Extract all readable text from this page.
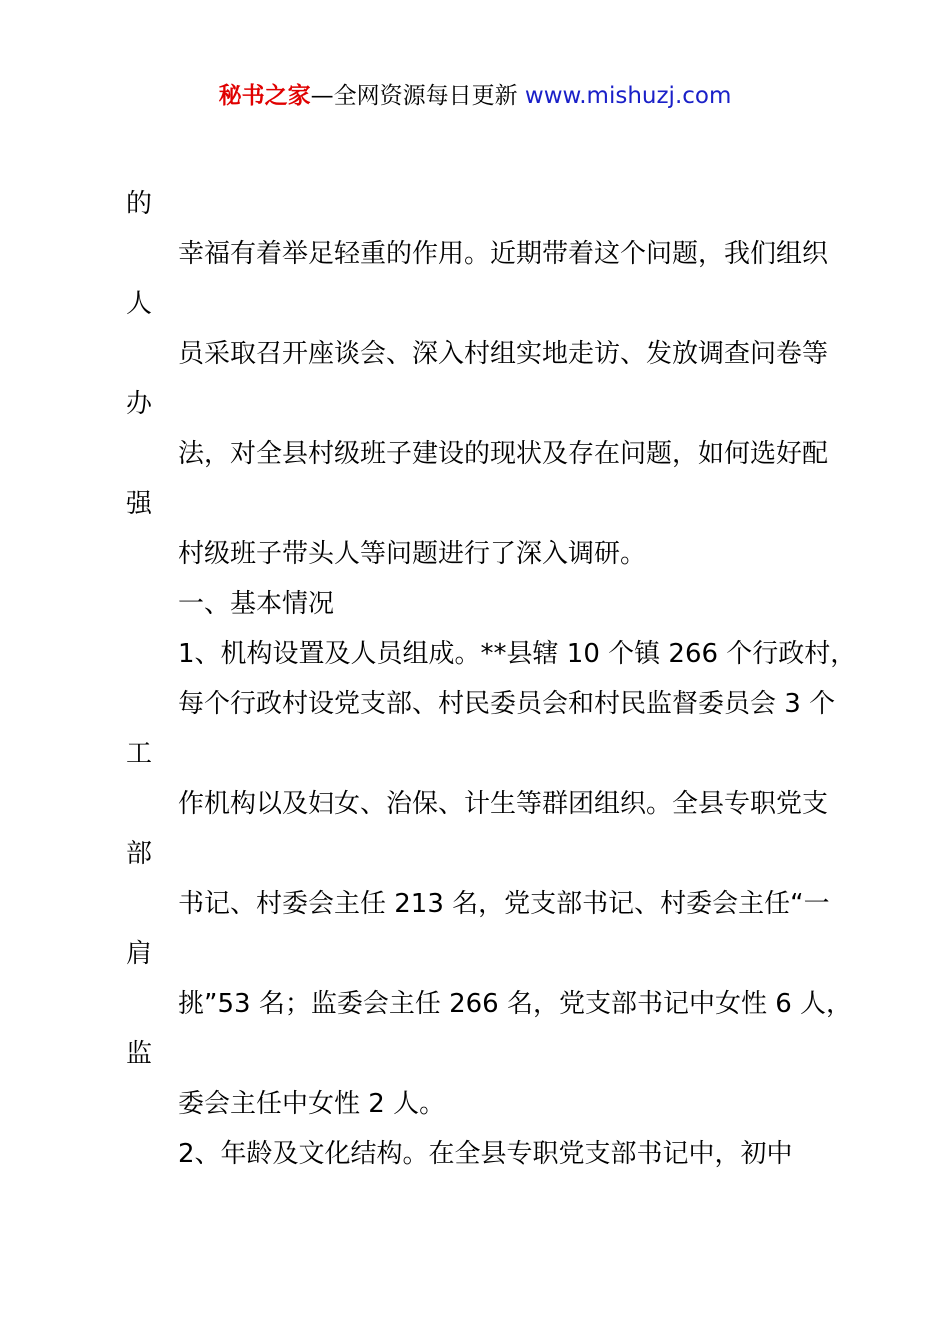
秘书之家—全网资源每日更新 www.mishuzj.com
的
幸福有着举足轻重的作用。近期带着这个问题，我们组织
人
员采取召开座谈会、深入村组实地走访、发放调查问卷等
办
法，对全县村级班子建设的现状及存在问题，如何选好配
强
村级班子带头人等问题进行了深入调研。
一、基本情况
1、机构设置及人员组成。**县辖 10 个镇 266 个行政村，
每个行政村设党支部、村民委员会和村民监督委员会 3 个
工
作机构以及妇女、治保、计生等群团组织。全县专职党支
部
书记、村委会主任 213 名，党支部书记、村委会主任“一
肩
挑”53 名；监委会主任 266 名，党支部书记中女性 6 人，
监
委会主任中女性 2 人。
2、年龄及文化结构。在全县专职党支部书记中，初中
